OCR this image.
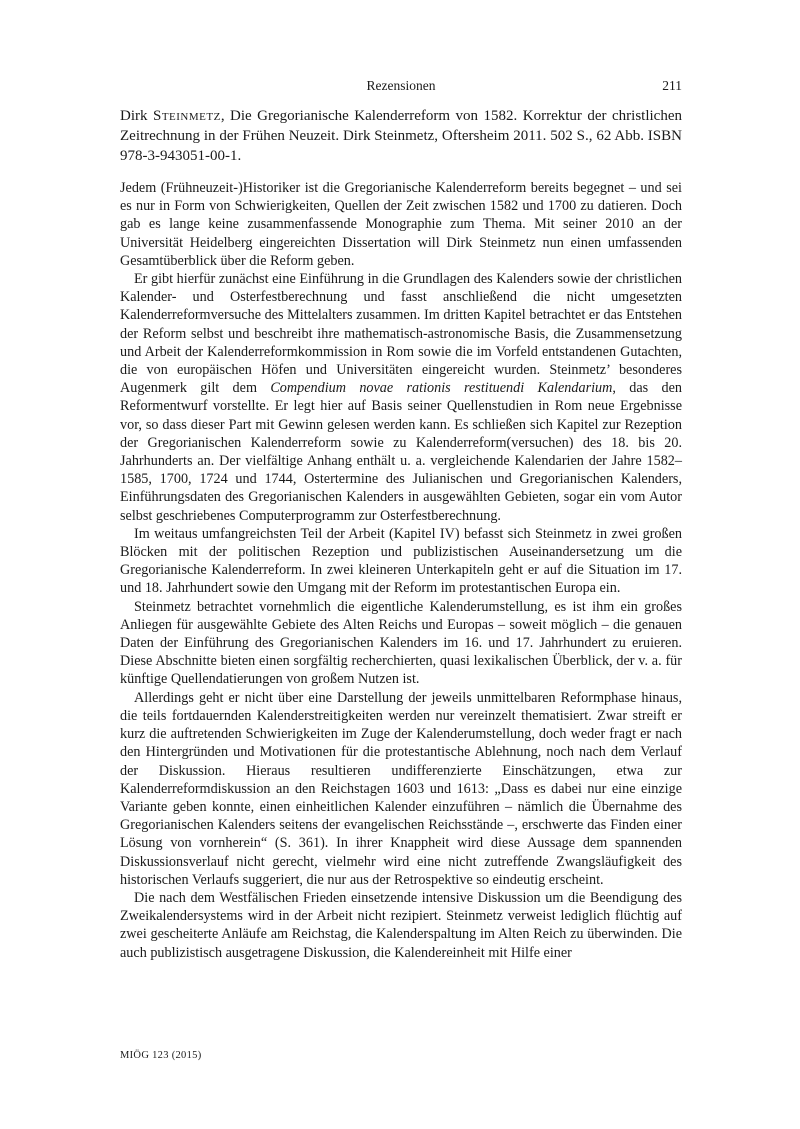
Rezensionen	211
Dirk Steinmetz, Die Gregorianische Kalenderreform von 1582. Korrektur der christlichen Zeitrechnung in der Frühen Neuzeit. Dirk Steinmetz, Oftersheim 2011. 502 S., 62 Abb. ISBN 978-3-943051-00-1.

Jedem (Frühneuzeit-)Historiker ist die Gregorianische Kalenderreform bereits begegnet – und sei es nur in Form von Schwierigkeiten, Quellen der Zeit zwischen 1582 und 1700 zu datieren. Doch gab es lange keine zusammenfassende Monographie zum Thema. Mit seiner 2010 an der Universität Heidelberg eingereichten Dissertation will Dirk Steinmetz nun einen umfassenden Gesamtüberblick über die Reform geben.

Er gibt hierfür zunächst eine Einführung in die Grundlagen des Kalenders sowie der christlichen Kalender- und Osterfestberechnung und fasst anschließend die nicht umgesetzten Kalenderreformversuche des Mittelalters zusammen. Im dritten Kapitel betrachtet er das Entstehen der Reform selbst und beschreibt ihre mathematisch-astronomische Basis, die Zusammensetzung und Arbeit der Kalenderreformkommission in Rom sowie die im Vorfeld entstandenen Gutachten, die von europäischen Höfen und Universitäten eingereicht wurden. Steinmetz’ besonderes Augenmerk gilt dem Compendium novae rationis restituendi Kalendarium, das den Reformentwurf vorstellte. Er legt hier auf Basis seiner Quellenstudien in Rom neue Ergebnisse vor, so dass dieser Part mit Gewinn gelesen werden kann. Es schließen sich Kapitel zur Rezeption der Gregorianischen Kalenderreform sowie zu Kalenderreform(versuchen) des 18. bis 20. Jahrhunderts an. Der vielfältige Anhang enthält u. a. vergleichende Kalendarien der Jahre 1582–1585, 1700, 1724 und 1744, Ostertermine des Julianischen und Gregorianischen Kalenders, Einführungsdaten des Gregorianischen Kalenders in ausgewählten Gebieten, sogar ein vom Autor selbst geschriebenes Computerprogramm zur Osterfestberechnung.

Im weitaus umfangreichsten Teil der Arbeit (Kapitel IV) befasst sich Steinmetz in zwei großen Blöcken mit der politischen Rezeption und publizistischen Auseinandersetzung um die Gregorianische Kalenderreform. In zwei kleineren Unterkapiteln geht er auf die Situation im 17. und 18. Jahrhundert sowie den Umgang mit der Reform im protestantischen Europa ein.

Steinmetz betrachtet vornehmlich die eigentliche Kalenderumstellung, es ist ihm ein großes Anliegen für ausgewählte Gebiete des Alten Reichs und Europas – soweit möglich – die genauen Daten der Einführung des Gregorianischen Kalenders im 16. und 17. Jahrhundert zu eruieren. Diese Abschnitte bieten einen sorgfältig recherchierten, quasi lexikalischen Überblick, der v. a. für künftige Quellendatierungen von großem Nutzen ist.

Allerdings geht er nicht über eine Darstellung der jeweils unmittelbaren Reformphase hinaus, die teils fortdauernden Kalenderstreitigkeiten werden nur vereinzelt thematisiert. Zwar streift er kurz die auftretenden Schwierigkeiten im Zuge der Kalenderumstellung, doch weder fragt er nach den Hintergründen und Motivationen für die protestantische Ablehnung, noch nach dem Verlauf der Diskussion. Hieraus resultieren undifferenzierte Einschätzungen, etwa zur Kalenderreformdiskussion an den Reichstagen 1603 und 1613: „Dass es dabei nur eine einzige Variante geben konnte, einen einheitlichen Kalender einzuführen – nämlich die Übernahme des Gregorianischen Kalenders seitens der evangelischen Reichsstände –, erschwerte das Finden einer Lösung von vornherein“ (S. 361). In ihrer Knappheit wird diese Aussage dem spannenden Diskussionsverlauf nicht gerecht, vielmehr wird eine nicht zutreffende Zwangsläufigkeit des historischen Verlaufs suggeriert, die nur aus der Retrospektive so eindeutig erscheint.

Die nach dem Westfälischen Frieden einsetzende intensive Diskussion um die Beendigung des Zweikalendersystems wird in der Arbeit nicht rezipiert. Steinmetz verweist lediglich flüchtig auf zwei gescheiterte Anläufe am Reichstag, die Kalenderspaltung im Alten Reich zu überwinden. Die auch publizistisch ausgetragene Diskussion, die Kalendereinheit mit Hilfe einer

MIÖG 123 (2015)
